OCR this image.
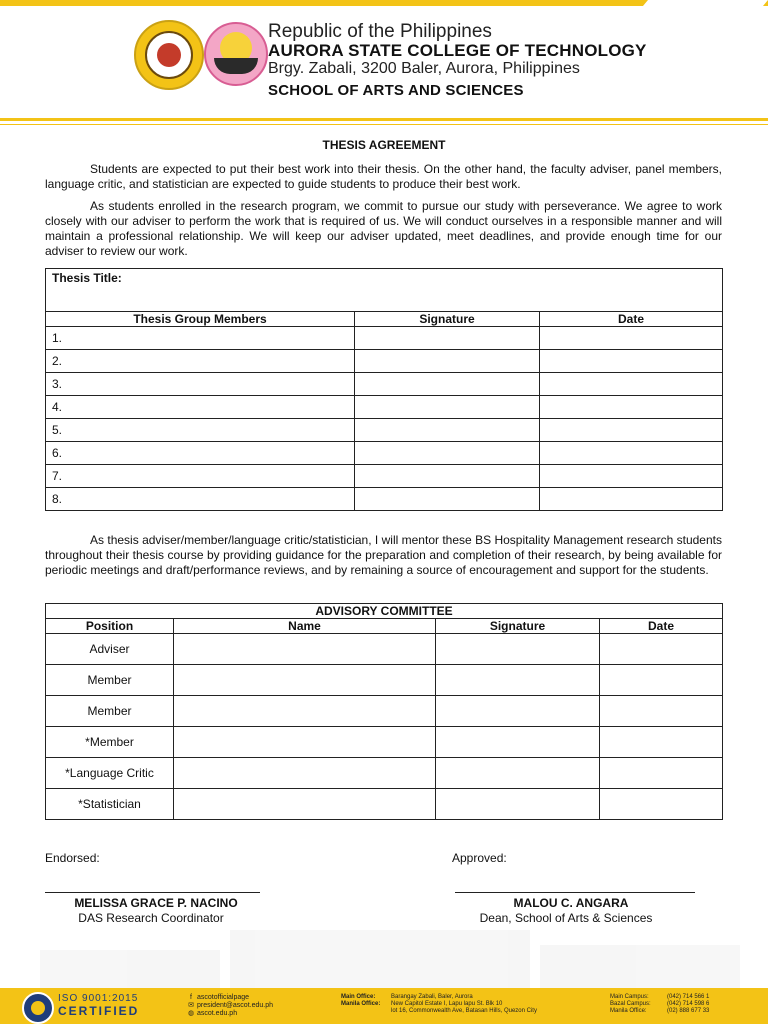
Republic of the Philippines
AURORA STATE COLLEGE OF TECHNOLOGY
Brgy. Zabali, 3200 Baler, Aurora, Philippines
SCHOOL OF ARTS AND SCIENCES
THESIS AGREEMENT

Students are expected to put their best work into their thesis. On the other hand, the faculty adviser, panel members, language critic, and statistician are expected to guide students to produce their best work.

As students enrolled in the research program, we commit to pursue our study with perseverance. We agree to work closely with our adviser to perform the work that is required of us. We will conduct ourselves in a responsible manner and will maintain a professional relationship. We will keep our adviser updated, meet deadlines, and provide enough time for our adviser to review our work.

Thesis Title:		
Thesis Group Members	Signature	Date
1.		
2.		
3.		
4.		
5.		
6.		
7.		
8.		

As thesis adviser/member/language critic/statistician, I will mentor these BS Hospitality Management research students throughout their thesis course by providing guidance for the preparation and completion of their research, by being available for periodic meetings and draft/performance reviews, and by remaining a source of encouragement and support for the students.

ADVISORY COMMITTEE			
Position	Name	Signature	Date
Adviser			
Member			
Member			
*Member			
*Language Critic			
*Statistician			
Endorsed:	Approved:
MELISSA GRACE P. NACINO
DAS Research Coordinator
MALOU C. ANGARA
Dean, School of Arts & Sciences
ISO 9001:2015
CERTIFIED
f ascotofficialpage
✉ president@ascot.edu.ph
◍ ascot.edu.ph
Main Office:	Barangay Zabali, Baler, Aurora
Manila Office: New Capitol Estate I, Lapu lapu St. Blk 10
lot 16, Commonwealth Ave, Batasan Hills, Quezon City
Main Campus:	(042) 714 566 1
Bazal Campus:	(042) 714 598 6
Manila Office:	(02) 888 677 33
